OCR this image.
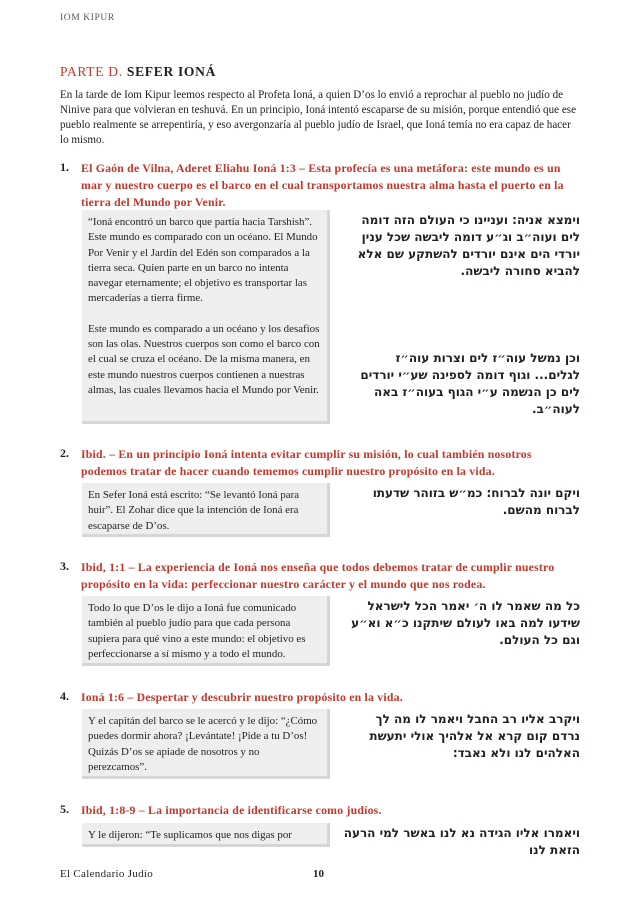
IOM KIPUR
PARTE D. SEFER IONÁ
En la tarde de Iom Kipur leemos respecto al Profeta Ioná, a quien D’os lo envió a reprochar al pueblo no judío de Ninive para que volvieran en teshuvá. En un principio, Ioná intentó escaparse de su misión, porque entendió que ese pueblo realmente se arrepentiría, y eso avergonzaría al pueblo judío de Israel, que Ioná temía no era capaz de hacer lo mismo.
1. El Gaón de Vilna, Aderet Eliahu Ioná 1:3 – Esta profecía es una metáfora: este mundo es un mar y nuestro cuerpo es el barco en el cual transportamos nuestra alma hasta el puerto en la tierra del Mundo por Venir.

“Ioná encontró un barco que partía hacia Tarshish”. Este mundo es comparado con un océano. El Mundo Por Venir y el Jardín del Edén son comparados a la tierra seca. Quien parte en un barco no intenta navegar eternamente; el objetivo es transportar las mercaderías a tierra firme.

Este mundo es comparado a un océano y los desafíos son las olas. Nuestros cuerpos son como el barco con el cual se cruza el océano. De la misma manera, en este mundo nuestros cuerpos contienen a nuestras almas, las cuales llevamos hacia el Mundo por Venir.

וימצא אניה: ועניינו כי העולם הזה דומה לים ועוה״ב וג״ע דומה ליבשה שכל ענין יורדי הים אינם יורדים להשתקע שם אלא להביא סחורה ליבשה.

וכן נמשל עוה״ז לים וצרות עוה״ז לגלים... וגוף דומה לספינה שע״י יורדים לים כן הנשמה ע״י הגוף בעוה״ז באה לעוה״ב.

2. Ibid. – En un principio Ioná intenta evitar cumplir su misión, lo cual también nosotros podemos tratar de hacer cuando tememos cumplir nuestro propósito en la vida.

En Sefer Ioná está escrito: “Se levantó Ioná para huir”. El Zohar dice que la intención de Ioná era escaparse de D’os.

ויקם יונה לברוח: כמ״ש בזוהר שדעתו לברוח מהשם.

3. Ibid, 1:1 – La experiencia de Ioná nos enseña que todos debemos tratar de cumplir nuestro propósito en la vida: perfeccionar nuestro carácter y el mundo que nos rodea.

Todo lo que D’os le dijo a Ioná fue comunicado también al pueblo judío para que cada persona supiera para qué vino a este mundo: el objetivo es perfeccionarse a sí mismo y a todo el mundo.

כל מה שאמר לו ה׳ יאמר הכל לישראל שידעו למה באו לעולם שיתקנו כ״א וא״ע וגם כל העולם.

4. Ioná 1:6 – Despertar y descubrir nuestro propósito en la vida.

Y el capitán del barco se le acercó y le dijo: “¿Cómo puedes dormir ahora? ¡Levántate! ¡Pide a tu D’os! Quizás D’os se apiade de nosotros y no perezcamos”.

ויקרב אליו רב החבל ויאמר לו מה לך נרדם קום קרא אל אלהיך אולי יתעשת האלהים לנו ולא נאבד:

5. Ibid, 1:8-9 – La importancia de identificarse como judíos.

Y le dijeron: “Te suplicamos que nos digas por	ויאמרו אליו הגידה נא לנו באשר למי הרעה הזאת לנו

El Calendario Judío	10
